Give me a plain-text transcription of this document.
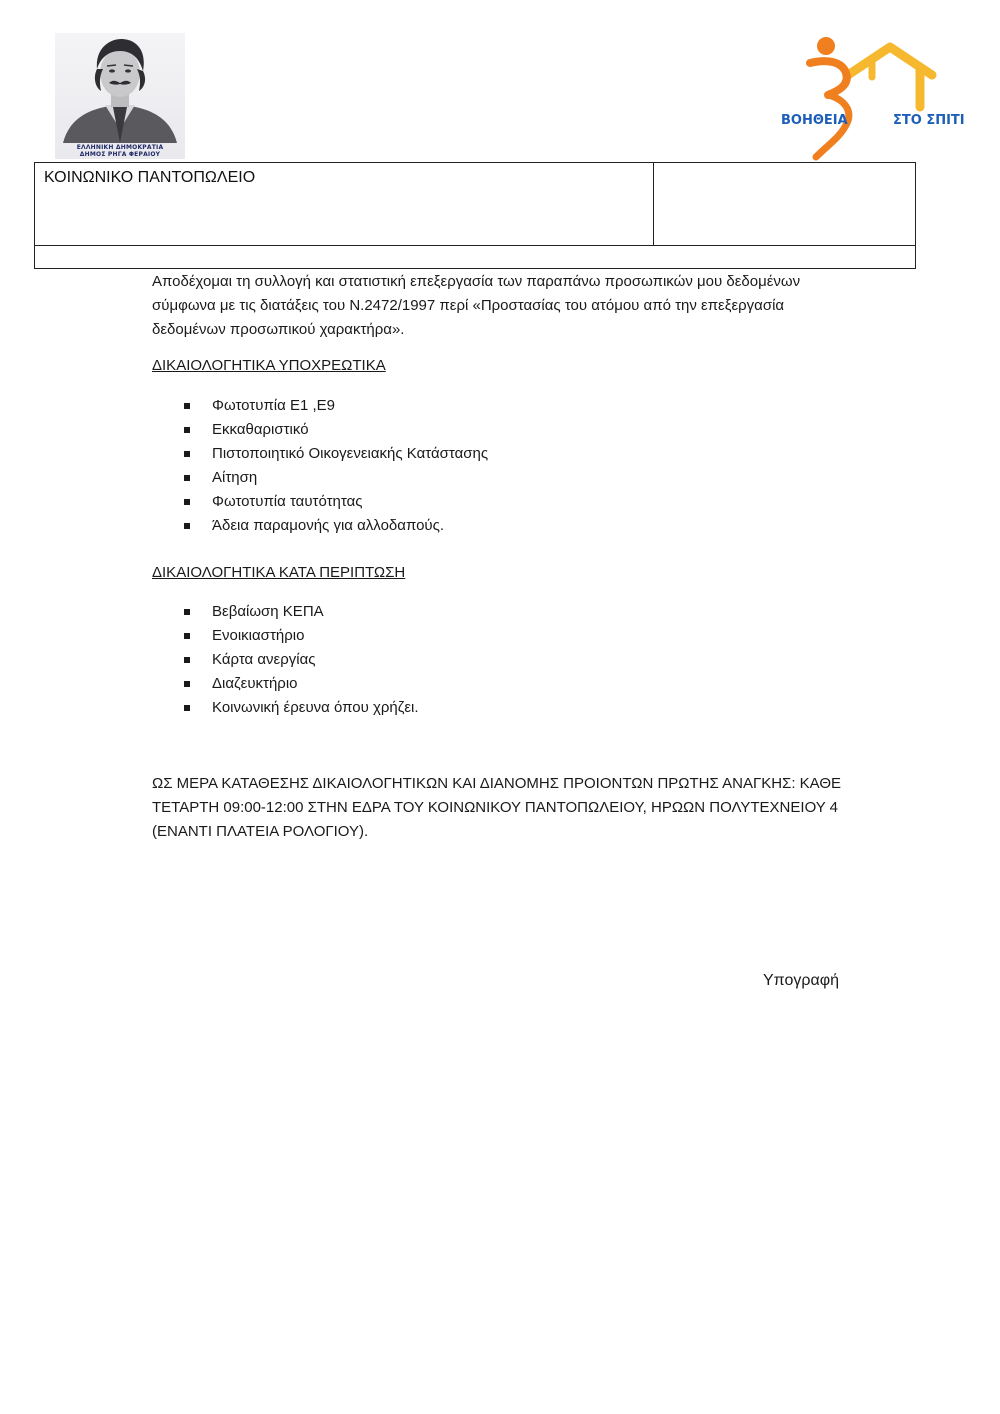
ΕΛΛΗΝΙΚΗ ΔΗΜΟΚΡΑΤΙΑ
ΔΗΜΟΣ ΡΗΓΑ ΦΕΡΑΙΟΥ
ΒΟΗΘΕΙΑ	ΣΤΟ ΣΠΙΤΙ
ΚΟΙΝΩΝΙΚΟ ΠΑΝΤΟΠΩΛΕΙΟ
Αποδέχομαι τη συλλογή και στατιστική επεξεργασία των παραπάνω προσωπικών μου δεδομένων σύμφωνα με τις διατάξεις του Ν.2472/1997 περί «Προστασίας του ατόμου από την επεξεργασία δεδομένων προσωπικού χαρακτήρα».
ΔΙΚΑΙΟΛΟΓΗΤΙΚΑ ΥΠΟΧΡΕΩΤΙΚΑ
Φωτοτυπία Ε1 ,Ε9
Εκκαθαριστικό
Πιστοποιητικό Οικογενειακής Κατάστασης
Αίτηση
Φωτοτυπία ταυτότητας
Άδεια παραμονής για αλλοδαπούς.
ΔΙΚΑΙΟΛΟΓΗΤΙΚΑ ΚΑΤΑ ΠΕΡΙΠΤΩΣΗ
Βεβαίωση ΚΕΠΑ
Ενοικιαστήριο
Κάρτα ανεργίας
Διαζευκτήριο
Κοινωνική έρευνα όπου χρήζει.
ΩΣ ΜΕΡΑ ΚΑΤΑΘΕΣΗΣ ΔΙΚΑΙΟΛΟΓΗΤΙΚΩΝ ΚΑΙ ΔΙΑΝΟΜΗΣ ΠΡΟΙΟΝΤΩΝ ΠΡΩΤΗΣ ΑΝΑΓΚΗΣ: ΚΑΘΕ ΤΕΤΑΡΤΗ 09:00-12:00 ΣΤΗΝ ΕΔΡΑ ΤΟΥ ΚΟΙΝΩΝΙΚΟΥ ΠΑΝΤΟΠΩΛΕΙΟΥ, ΗΡΩΩΝ ΠΟΛΥΤΕΧΝΕΙΟΥ 4 (ΕΝΑΝΤΙ ΠΛΑΤΕΙΑ ΡΟΛΟΓΙΟΥ).
Υπογραφή
